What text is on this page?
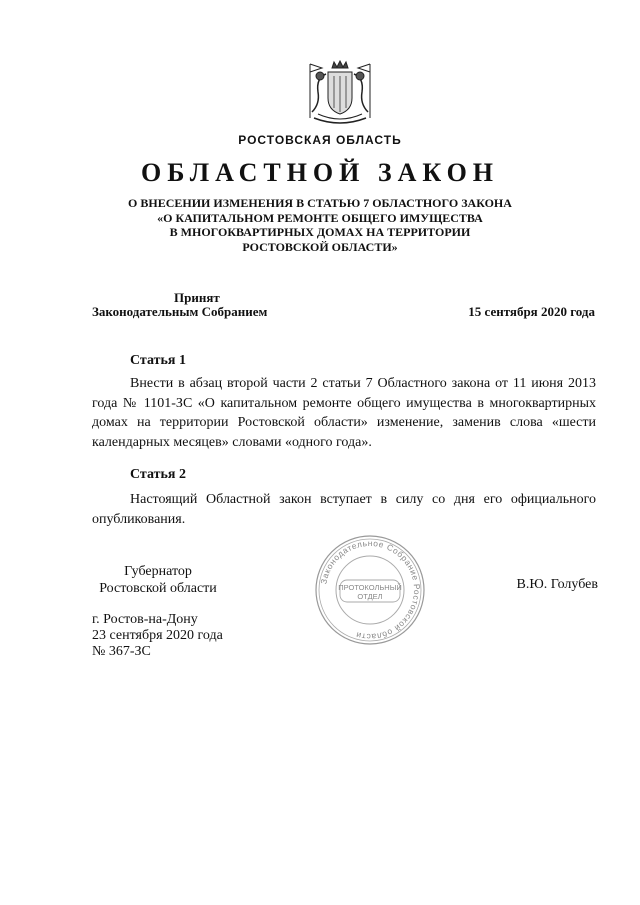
РОСТОВСКАЯ ОБЛАСТЬ
ОБЛАСТНОЙ ЗАКОН
О ВНЕСЕНИИ ИЗМЕНЕНИЯ В СТАТЬЮ 7 ОБЛАСТНОГО ЗАКОНА
«О КАПИТАЛЬНОМ РЕМОНТЕ ОБЩЕГО ИМУЩЕСТВА
В МНОГОКВАРТИРНЫХ ДОМАХ НА ТЕРРИТОРИИ
РОСТОВСКОЙ ОБЛАСТИ»
Принят
Законодательным Собранием	15 сентября 2020 года
Статья 1
Внести в абзац второй части 2 статьи 7 Областного закона от 11 июня 2013 года № 1101-ЗС «О капитальном ремонте общего имущества в многоквартирных домах на территории Ростовской области» изменение, заменив слова «шести календарных месяцев» словами «одного года».
Статья 2
Настоящий Областной закон вступает в силу со дня его официального опубликования.
Губернатор
Ростовской области	В.Ю. Голубев
г. Ростов-на-Дону
23 сентября 2020 года
№ 367-ЗС
Законодательное Собрание Ростовской области
ПРОТОКОЛЬНЫЙ
ОТДЕЛ
